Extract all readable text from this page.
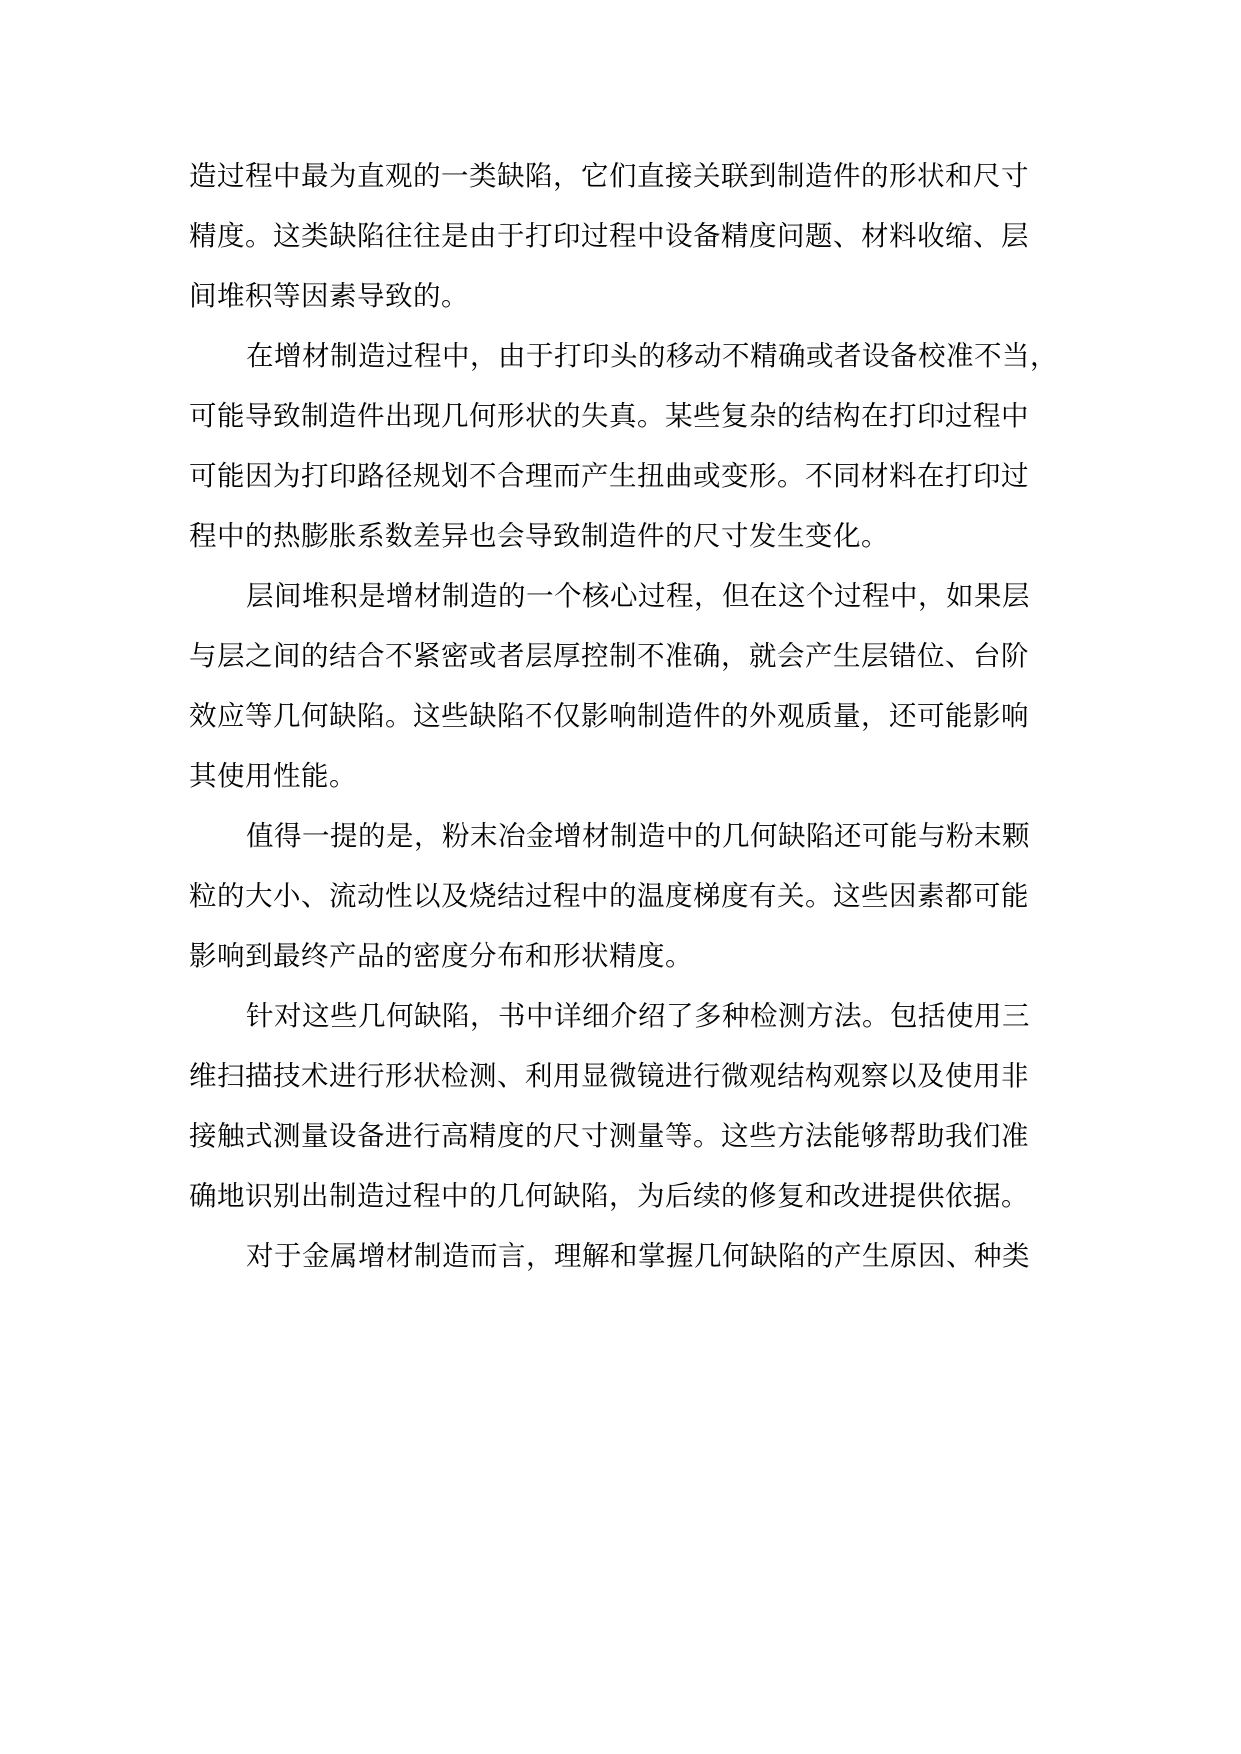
造过程中最为直观的一类缺陷，它们直接关联到制造件的形状和尺寸
精度。这类缺陷往往是由于打印过程中设备精度问题、材料收缩、层
间堆积等因素导致的。
在增材制造过程中，由于打印头的移动不精确或者设备校准不当，
可能导致制造件出现几何形状的失真。某些复杂的结构在打印过程中
可能因为打印路径规划不合理而产生扭曲或变形。不同材料在打印过
程中的热膨胀系数差异也会导致制造件的尺寸发生变化。
层间堆积是增材制造的一个核心过程，但在这个过程中，如果层
与层之间的结合不紧密或者层厚控制不准确，就会产生层错位、台阶
效应等几何缺陷。这些缺陷不仅影响制造件的外观质量，还可能影响
其使用性能。
值得一提的是，粉末冶金增材制造中的几何缺陷还可能与粉末颗
粒的大小、流动性以及烧结过程中的温度梯度有关。这些因素都可能
影响到最终产品的密度分布和形状精度。
针对这些几何缺陷，书中详细介绍了多种检测方法。包括使用三
维扫描技术进行形状检测、利用显微镜进行微观结构观察以及使用非
接触式测量设备进行高精度的尺寸测量等。这些方法能够帮助我们准
确地识别出制造过程中的几何缺陷，为后续的修复和改进提供依据。
对于金属增材制造而言，理解和掌握几何缺陷的产生原因、种类
